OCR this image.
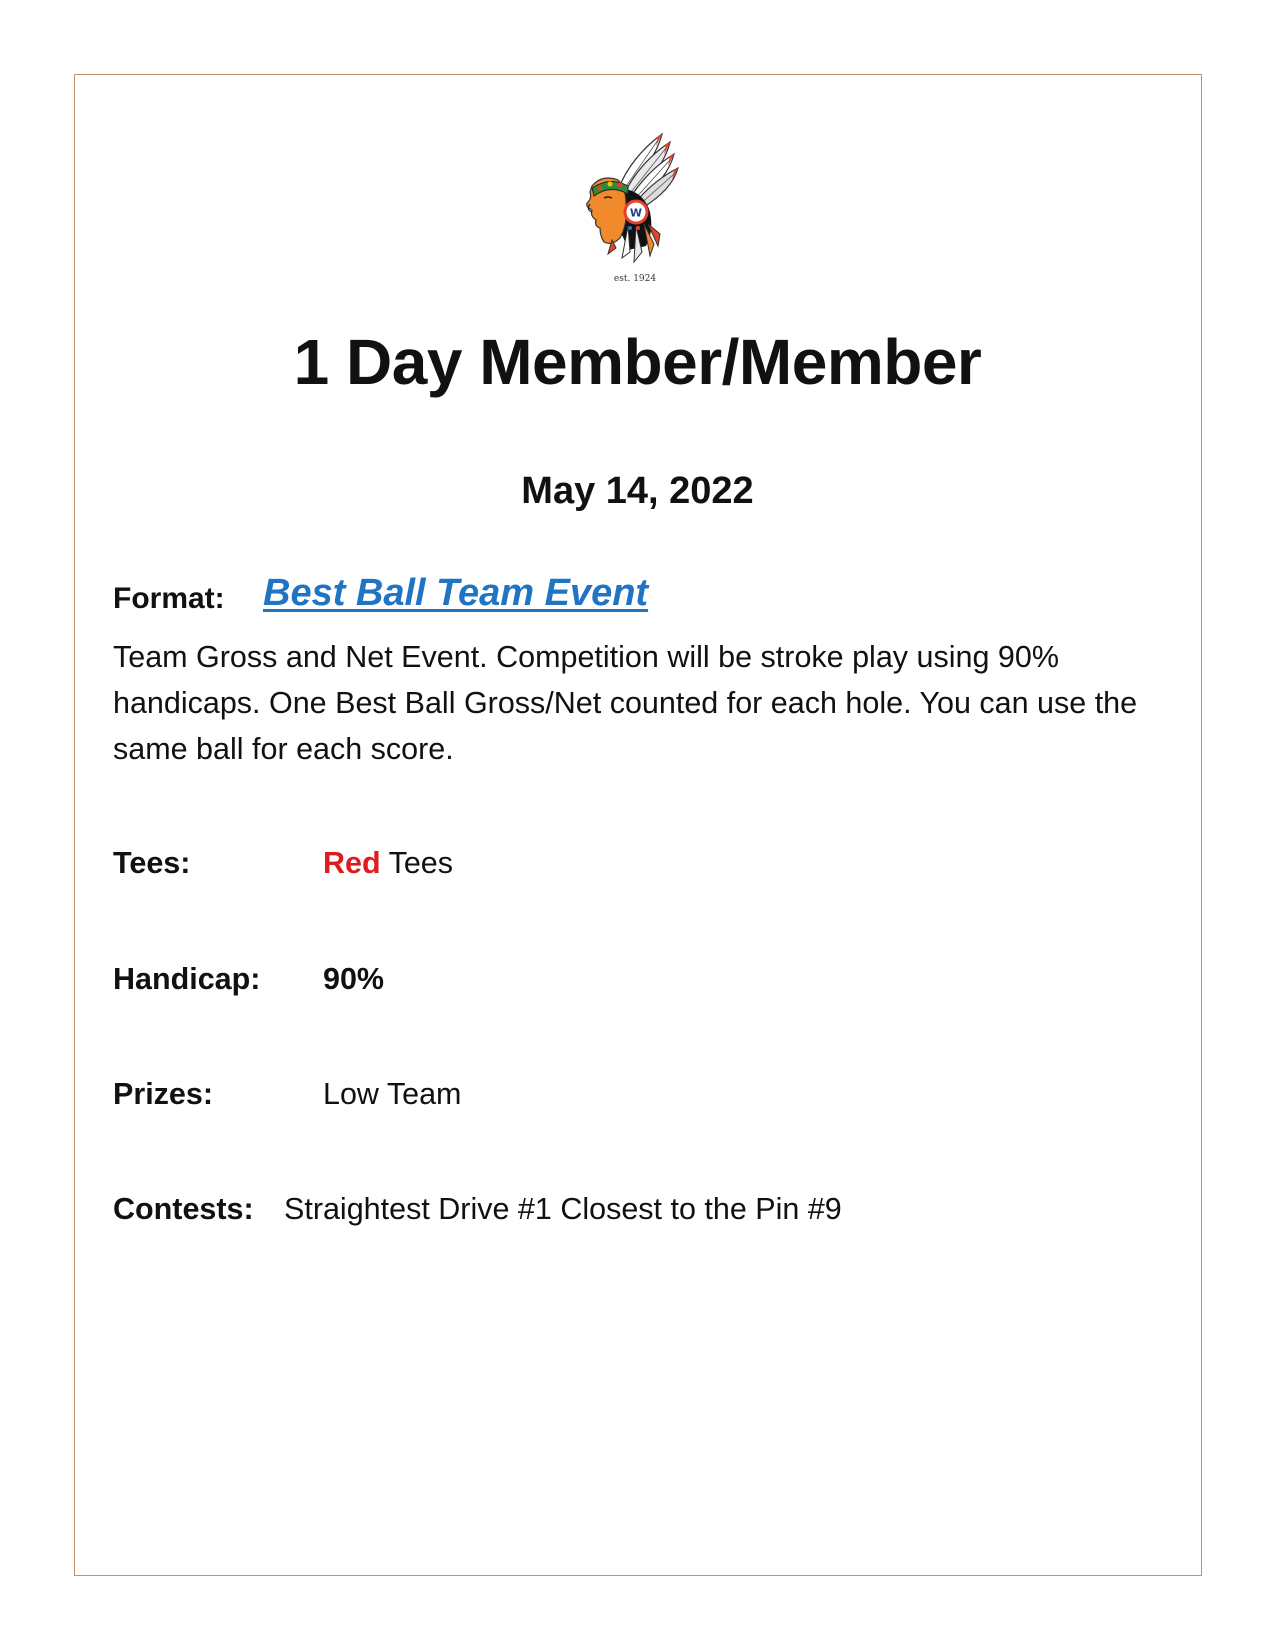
W
est. 1924
1 Day Member/Member
May 14, 2022
Format: Best Ball Team Event

Team Gross and Net Event. Competition will be stroke play using 90% handicaps. One Best Ball Gross/Net counted for each hole. You can use the same ball for each score.

Tees:	Red Tees
Handicap: 90%
Prizes:	Low Team
Contests: Straightest Drive #1 Closest to the Pin #9
